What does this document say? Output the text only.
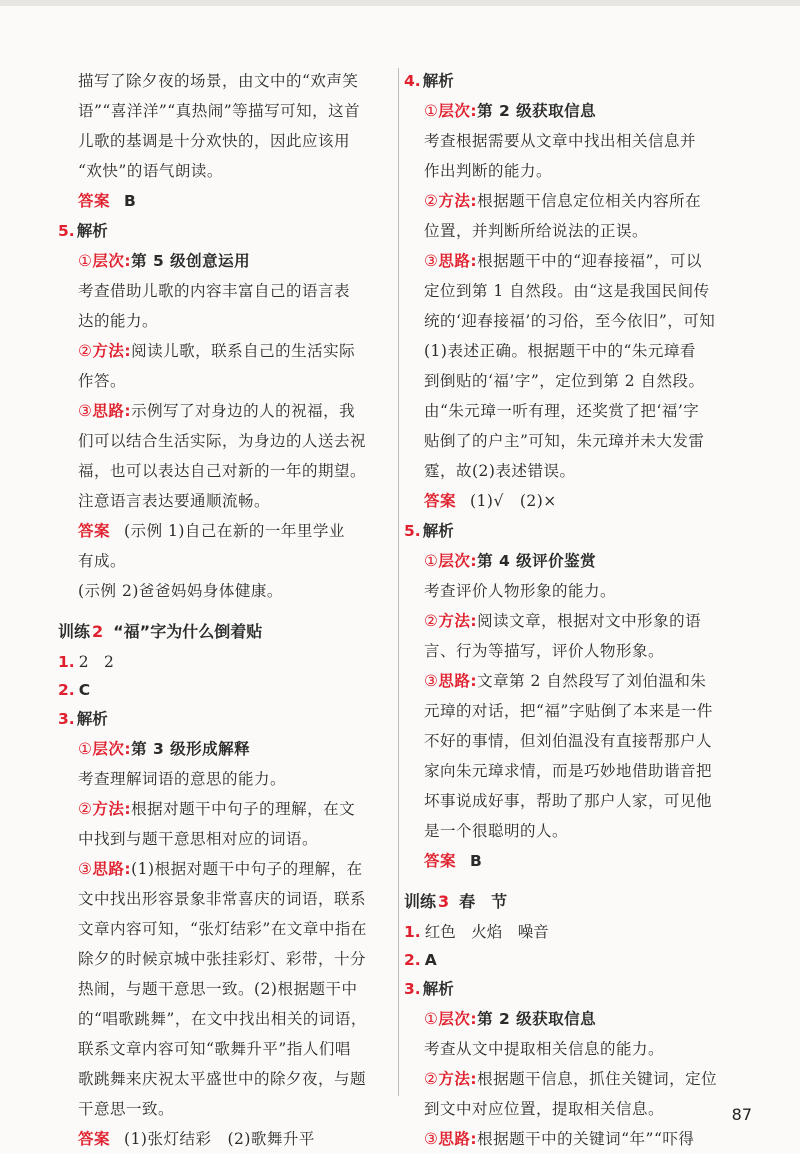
描写了除夕夜的场景，由文中的“欢声笑
语”“喜洋洋”“真热闹”等描写可知，这首
儿歌的基调是十分欢快的，因此应该用
“欢快”的语气朗读。
答案 B
5. 解析
①层次:第 5 级创意运用
考查借助儿歌的内容丰富自己的语言表
达的能力。
②方法:阅读儿歌，联系自己的生活实际
作答。
③思路:示例写了对身边的人的祝福，我
们可以结合生活实际，为身边的人送去祝
福，也可以表达自己对新的一年的期望。
注意语言表达要通顺流畅。
答案 (示例 1)自己在新的一年里学业
有成。
(示例 2)爸爸妈妈身体健康。
训练 2 “福”字为什么倒着贴
1. 2　2
2. C
3. 解析
①层次:第 3 级形成解释
考查理解词语的意思的能力。
②方法:根据对题干中句子的理解，在文
中找到与题干意思相对应的词语。
③思路:(1)根据对题干中句子的理解，在
文中找出形容景象非常喜庆的词语，联系
文章内容可知，“张灯结彩”在文章中指在
除夕的时候京城中张挂彩灯、彩带，十分
热闹，与题干意思一致。(2)根据题干中
的“唱歌跳舞”，在文中找出相关的词语，
联系文章内容可知“歌舞升平”指人们唱
歌跳舞来庆祝太平盛世中的除夕夜，与题
干意思一致。
答案 (1)张灯结彩　(2)歌舞升平
4. 解析
①层次:第 2 级获取信息
考查根据需要从文章中找出相关信息并
作出判断的能力。
②方法:根据题干信息定位相关内容所在
位置，并判断所给说法的正误。
③思路:根据题干中的“迎春接福”，可以
定位到第 1 自然段。由“这是我国民间传
统的‘迎春接福’的习俗，至今依旧”，可知
(1)表述正确。根据题干中的“朱元璋看
到倒贴的‘福’字”，定位到第 2 自然段。
由“朱元璋一听有理，还奖赏了把‘福’字
贴倒了的户主”可知，朱元璋并未大发雷
霆，故(2)表述错误。
答案 (1)√　(2)×
5. 解析
①层次:第 4 级评价鉴赏
考查评价人物形象的能力。
②方法:阅读文章，根据对文中形象的语
言、行为等描写，评价人物形象。
③思路:文章第 2 自然段写了刘伯温和朱
元璋的对话，把“福”字贴倒了本来是一件
不好的事情，但刘伯温没有直接帮那户人
家向朱元璋求情，而是巧妙地借助谐音把
坏事说成好事，帮助了那户人家，可见他
是一个很聪明的人。
答案 B
训练 3 春　节
1. 红色　火焰　噪音
2. A
3. 解析
①层次:第 2 级获取信息
考查从文中提取相关信息的能力。
②方法:根据题干信息，抓住关键词，定位
到文中对应位置，提取相关信息。
③思路:根据题干中的关键词“年”“吓得
87
